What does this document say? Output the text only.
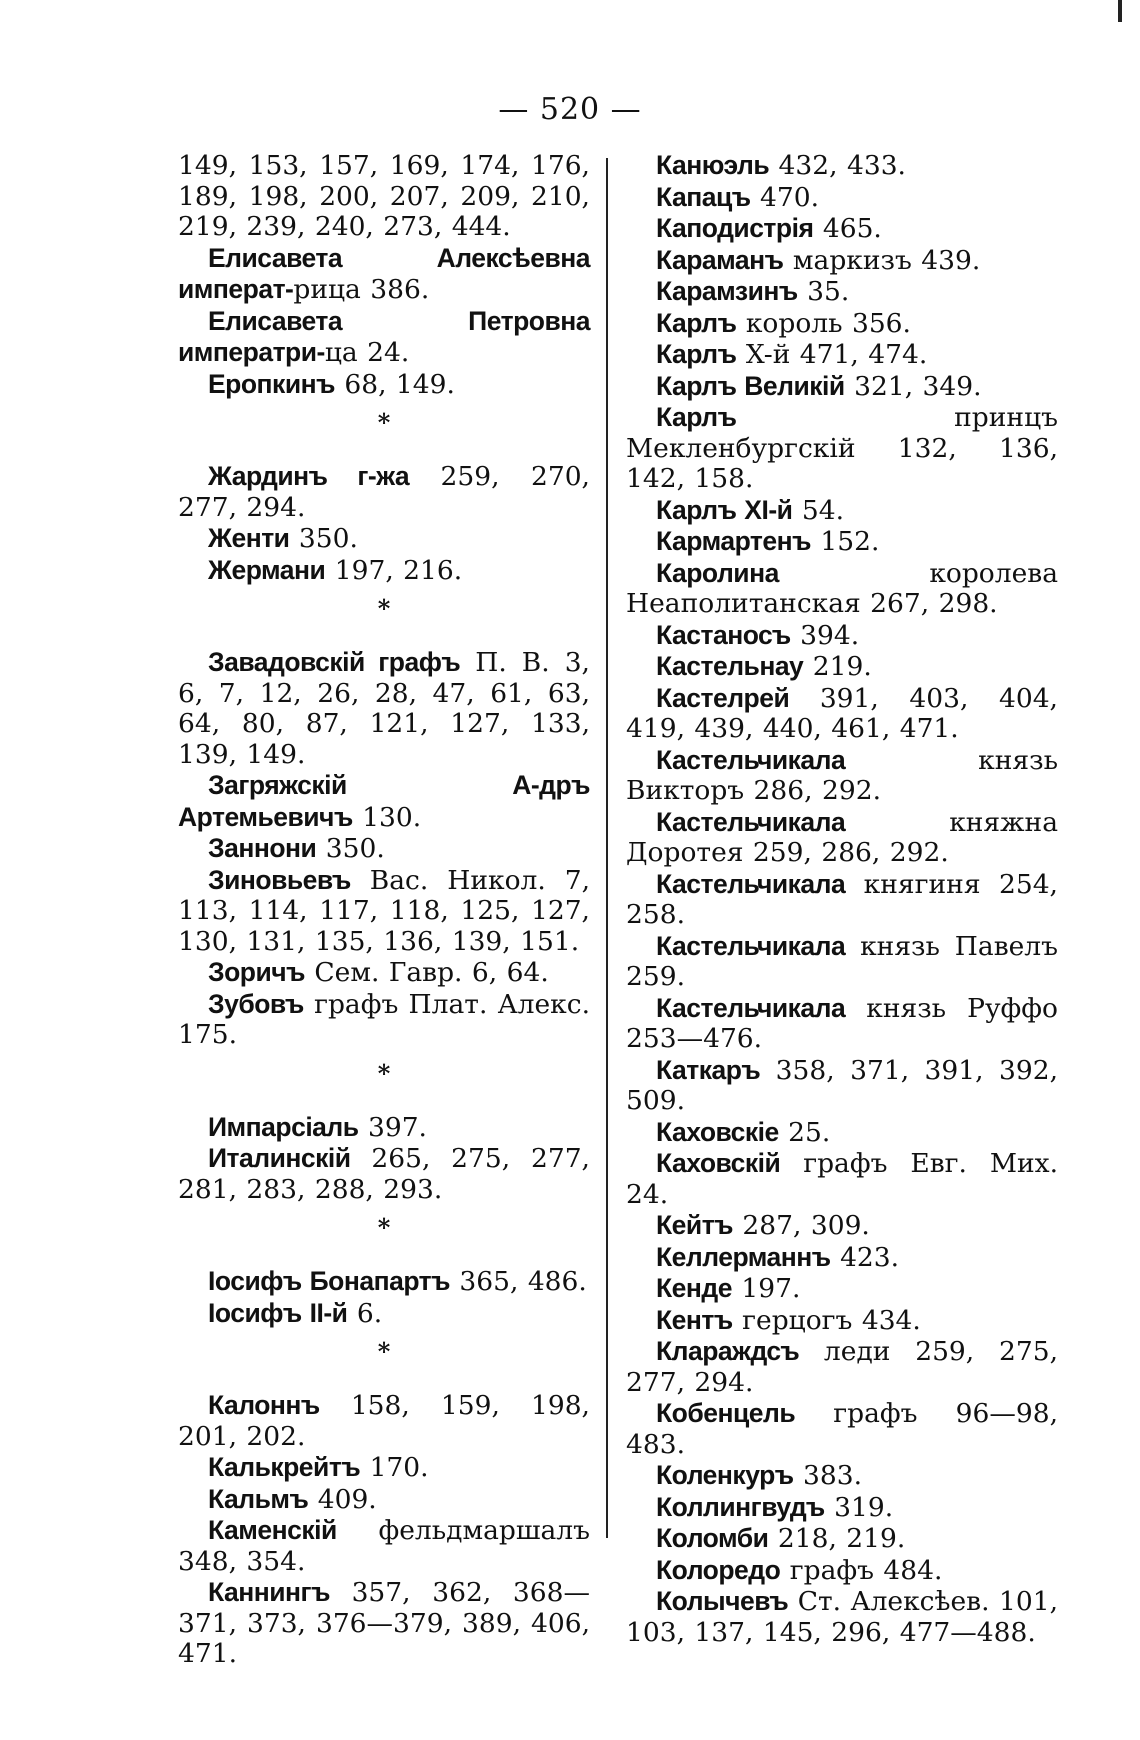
— 520 —

149, 153, 157, 169, 174, 176, 189, 198, 200, 207, 209, 210, 219, 239, 240, 273, 444.

Елисавета Алексѣевна императ-рица 386.

Елисавета Петровна императри-ца 24.

Еропкинъ 68, 149.

*

Жардинъ г-жа 259, 270, 277, 294.

Женти 350.

Жермани 197, 216.

*

Завадовскій графъ П. В. 3, 6, 7, 12, 26, 28, 47, 61, 63, 64, 80, 87, 121, 127, 133, 139, 149.

Загряжскій А-дръ Артемьевичъ 130.

Заннони 350.

Зиновьевъ Вас. Никол. 7, 113, 114, 117, 118, 125, 127, 130, 131, 135, 136, 139, 151.

Зоричъ Сем. Гавр. 6, 64.

Зубовъ графъ Плат. Алекс. 175.

*

Импарсіаль 397.

Италинскій 265, 275, 277, 281, 283, 288, 293.

*

Іосифъ Бонапартъ 365, 486.

Іосифъ II-й 6.

*

Калоннъ 158, 159, 198, 201, 202.

Калькрейтъ 170.

Кальмъ 409.

Каменскій фельдмаршалъ 348, 354.

Каннингъ 357, 362, 368—371, 373, 376—379, 389, 406, 471.

Канюэль 432, 433.

Капацъ 470.

Каподистрія 465.

Караманъ маркизъ 439.

Карамзинъ 35.

Карлъ король 356.

Карлъ X-й 471, 474.

Карлъ Великій 321, 349.

Карлъ принцъ Мекленбургскій 132, 136, 142, 158.

Карлъ XI-й 54.

Кармартенъ 152.

Каролина королева Неаполитанская 267, 298.

Кастаносъ 394.

Кастельнау 219.

Кастелрей 391, 403, 404, 419, 439, 440, 461, 471.

Кастельчикала князь Викторъ 286, 292.

Кастельчикала княжна Доротея 259, 286, 292.

Кастельчикала княгиня 254, 258.

Кастельчикала князь Павелъ 259.

Кастельчикала князь Руффо 253—476.

Каткаръ 358, 371, 391, 392, 509.

Каховскіе 25.

Каховскій графъ Евг. Мих. 24.

Кейтъ 287, 309.

Келлерманнъ 423.

Кенде 197.

Кентъ герцогъ 434.

Клараждсъ леди 259, 275, 277, 294.

Кобенцель графъ 96—98, 483.

Коленкуръ 383.

Коллингвудъ 319.

Коломби 218, 219.

Колоредо графъ 484.

Колычевъ Ст. Алексѣев. 101, 103, 137, 145, 296, 477—488.
